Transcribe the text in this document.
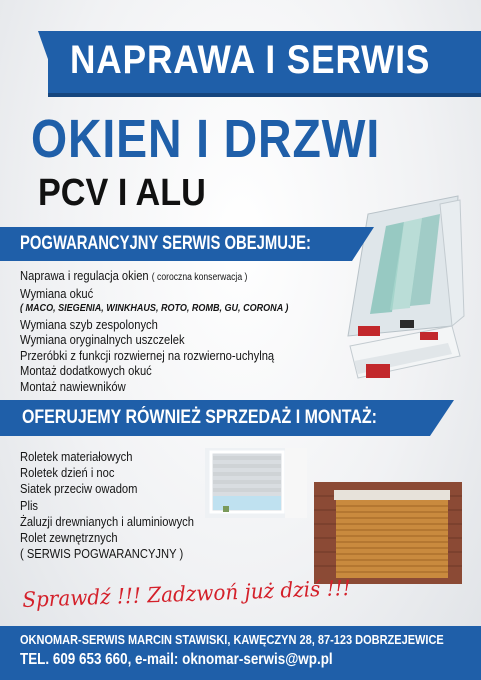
NAPRAWA I SERWIS
OKIEN I DRZWI
PCV I ALU
POGWARANCYJNY SERWIS OBEJMUJE:
Naprawa i regulacja okien ( coroczna konserwacja )
Wymiana okuć
( MACO, SIEGENIA, WINKHAUS, ROTO, ROMB, GU, CORONA )
Wymiana szyb zespolonych
Wymiana oryginalnych uszczelek
Przeróbki z funkcji rozwiernej na rozwierno-uchylną
Montaż dodatkowych okuć
Montaż nawiewników
OFERUJEMY RÓWNIEŻ SPRZEDAŻ I MONTAŻ:
Roletek materiałowych
Roletek dzień i noc
Siatek przeciw owadom
Plis
Żaluzji drewnianych i aluminiowych
Rolet zewnętrznych
( SERWIS POGWARANCYJNY )
Sprawdź !!! Zadzwoń już dziś !!!
OKNOMAR-SERWIS MARCIN STAWISKI, KAWĘCZYN 28, 87-123 DOBRZEJEWICE
TEL. 609 653 660, e-mail: oknomar-serwis@wp.pl
